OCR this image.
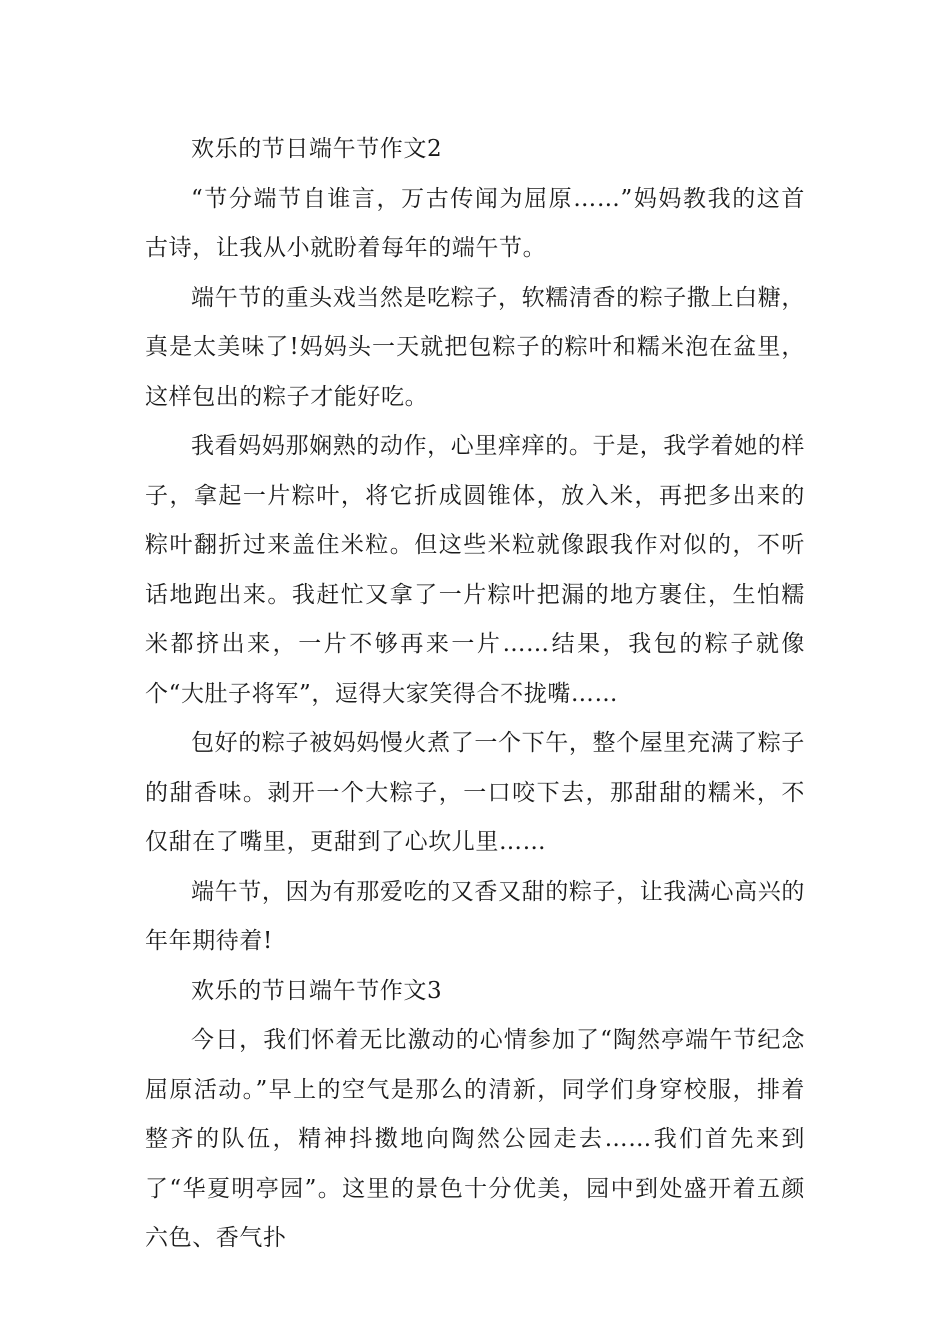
欢乐的节日端午节作文2

“节分端节自谁言，万古传闻为屈原……”妈妈教我的这首古诗，让我从小就盼着每年的端午节。

端午节的重头戏当然是吃粽子，软糯清香的粽子撒上白糖，真是太美味了!妈妈头一天就把包粽子的粽叶和糯米泡在盆里，这样包出的粽子才能好吃。

我看妈妈那娴熟的动作，心里痒痒的。于是，我学着她的样子，拿起一片粽叶，将它折成圆锥体，放入米，再把多出来的粽叶翻折过来盖住米粒。但这些米粒就像跟我作对似的，不听话地跑出来。我赶忙又拿了一片粽叶把漏的地方裹住，生怕糯米都挤出来，一片不够再来一片……结果，我包的粽子就像个“大肚子将军”，逗得大家笑得合不拢嘴……

包好的粽子被妈妈慢火煮了一个下午，整个屋里充满了粽子的甜香味。剥开一个大粽子，一口咬下去，那甜甜的糯米，不仅甜在了嘴里，更甜到了心坎儿里……

端午节，因为有那爱吃的又香又甜的粽子，让我满心高兴的年年期待着!

欢乐的节日端午节作文3

今日，我们怀着无比激动的心情参加了“陶然亭端午节纪念屈原活动。”早上的空气是那么的清新，同学们身穿校服，排着整齐的队伍，精神抖擞地向陶然公园走去……我们首先来到了“华夏明亭园”。这里的景色十分优美，园中到处盛开着五颜六色、香气扑
